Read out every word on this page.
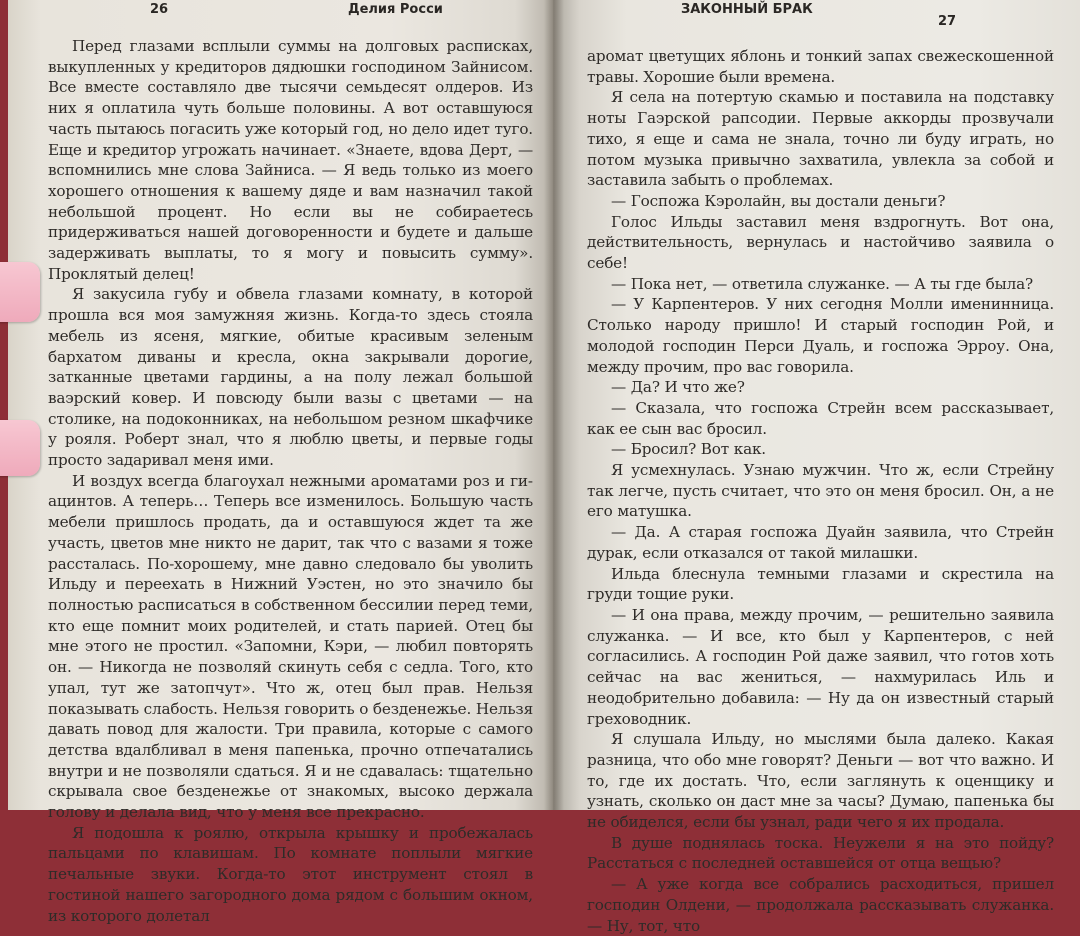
26	Делия Росси

Перед глазами всплыли суммы на долговых расписках, выкупленных у кредиторов дядюшки господином Зайнисом. Все вместе составляло две тысячи семьдесят олдеров. Из них я оплатила чуть больше половины. А вот оставшуюся часть пытаюсь погасить уже который год, но дело идет туго. Еще и кредитор угрожать начинает. «Знаете, вдова Дерт, — вспомнились мне слова Зайниса. — Я ведь только из моего хорошего отношения к вашему дяде и вам назначил такой небольшой процент. Но если вы не собираетесь придерживаться нашей договоренности и будете и дальше задерживать выплаты, то я могу и повысить сумму». Проклятый делец!

Я закусила губу и обвела глазами комнату, в которой прошла вся моя замужняя жизнь. Когда-то здесь стояла мебель из ясеня, мягкие, обитые красивым зеленым бархатом диваны и кресла, окна закрывали дорогие, затканные цветами гардины, а на полу лежал большой ваэрский ковер. И повсюду были вазы с цветами — на столике, на подоконниках, на небольшом резном шкафчике у рояля. Роберт знал, что я люблю цветы, и первые годы просто задаривал меня ими.

И воздух всегда благоухал нежными ароматами роз и гиацинтов. А теперь… Теперь все изменилось. Большую часть мебели пришлось продать, да и оставшуюся ждет та же участь, цветов мне никто не дарит, так что с вазами я тоже рассталась. По-хорошему, мне давно следовало бы уволить Ильду и переехать в Нижний Уэстен, но это значило бы полностью расписаться в собственном бессилии перед теми, кто еще помнит моих родителей, и стать парией. Отец бы мне этого не простил. «Запомни, Кэри, — любил повторять он. — Никогда не позволяй скинуть себя с седла. Того, кто упал, тут же затопчут». Что ж, отец был прав. Нельзя показывать слабость. Нельзя говорить о безденежье. Нельзя давать повод для жалости. Три правила, которые с самого детства вдалбливал в меня папенька, прочно отпечатались внутри и не позволяли сдаться. Я и не сдавалась: тщательно скрывала свое безденежье от знакомых, высоко держала голову и делала вид, что у меня все прекрасно.

Я подошла к роялю, открыла крышку и пробежалась пальцами по клавишам. По комнате поплыли мягкие печальные звуки. Когда-то этот инструмент стоял в гостиной нашего загородного дома рядом с большим окном, из которого долетал

ЗАКОННЫЙ БРАК
27

аромат цветущих яблонь и тонкий запах свежескошенной травы. Хорошие были времена.

Я села на потертую скамью и поставила на подставку ноты Гаэрской рапсодии. Первые аккорды прозвучали тихо, я еще и сама не знала, точно ли буду играть, но потом музыка привычно захватила, увлекла за собой и заставила забыть о проблемах.

— Госпожа Кэролайн, вы достали деньги?

Голос Ильды заставил меня вздрогнуть. Вот она, действительность, вернулась и настойчиво заявила о себе!

— Пока нет, — ответила служанке. — А ты где была?

— У Карпентеров. У них сегодня Молли именинница. Столько народу пришло! И старый господин Рой, и молодой господин Перси Дуаль, и госпожа Эрроу. Она, между прочим, про вас говорила.

— Да? И что же?

— Сказала, что госпожа Стрейн всем рассказывает, как ее сын вас бросил.

— Бросил? Вот как.

Я усмехнулась. Узнаю мужчин. Что ж, если Стрейну так легче, пусть считает, что это он меня бросил. Он, а не его матушка.

— Да. А старая госпожа Дуайн заявила, что Стрейн дурак, если отказался от такой милашки.

Ильда блеснула темными глазами и скрестила на груди тощие руки.

— И она права, между прочим, — решительно заявила служанка. — И все, кто был у Карпентеров, с ней согласились. А господин Рой даже заявил, что готов хоть сейчас на вас жениться, — нахмурилась Иль и неодобрительно добавила: — Ну да он известный старый греховодник.

Я слушала Ильду, но мыслями была далеко. Какая разница, что обо мне говорят? Деньги — вот что важно. И то, где их достать. Что, если заглянуть к оценщику и узнать, сколько он даст мне за часы? Думаю, папенька бы не обиделся, если бы узнал, ради чего я их продала.

В душе поднялась тоска. Неужели я на это пойду? Расстаться с последней оставшейся от отца вещью?

— А уже когда все собрались расходиться, пришел господин Олдени, — продолжала рассказывать служанка. — Ну, тот, что
